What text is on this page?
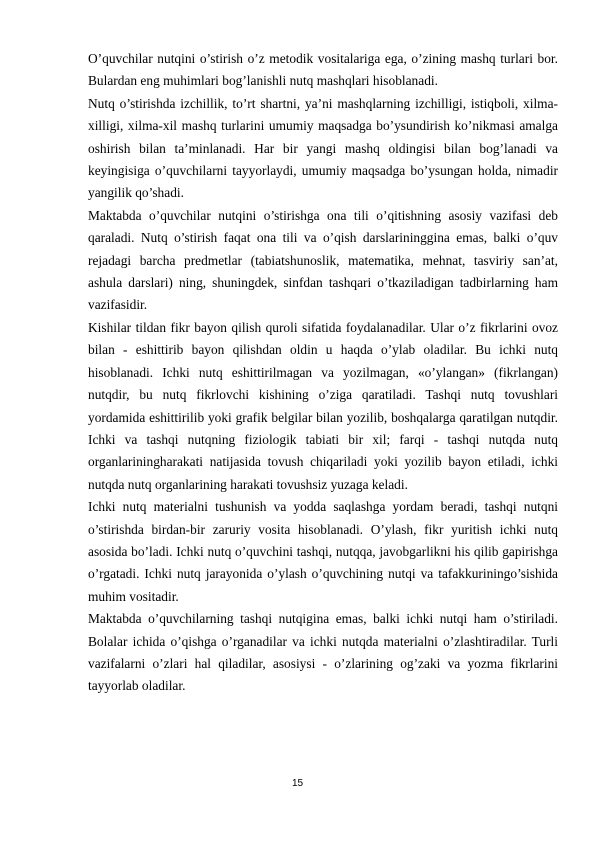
O’quvchilar nutqini o’stirish o’z metodik vositalariga ega, o’zining mashq turlari bor. Bulardan eng muhimlari bog’lanishli nutq mashqlari hisoblanadi.

Nutq o’stirishda izchillik, to’rt shartni, ya’ni mashqlarning izchilligi, istiqboli, xilma-xilligi, xilma-xil mashq turlarini umumiy maqsadga bo’ysundirish ko’nikmasi amalga oshirish bilan ta’minlanadi. Har bir yangi mashq oldingisi bilan bog’lanadi va keyingisiga o’quvchilarni tayyorlaydi, umumiy maqsadga bo’ysungan holda, nimadir yangilik qo’shadi.

Maktabda o’quvchilar nutqini o’stirishga ona tili o’qitishning asosiy vazifasi deb qaraladi. Nutq o’stirish faqat ona tili va o’qish darslarininggina emas, balki o’quv rejadagi barcha predmetlar (tabiatshunoslik, matematika, mehnat, tasviriy san’at, ashula darslari) ning, shuningdek, sinfdan tashqari o’tkaziladigan tadbirlarning ham vazifasidir.

Kishilar tildan fikr bayon qilish quroli sifatida foydalanadilar. Ular o’z fikrlarini ovoz bilan - eshittirib bayon qilishdan oldin u haqda o’ylab oladilar. Bu ichki nutq hisoblanadi. Ichki nutq eshittirilmagan va yozilmagan, «o’ylangan» (fikrlangan) nutqdir, bu nutq fikrlovchi kishining o’ziga qaratiladi. Tashqi nutq tovushlari yordamida eshittirilib yoki grafik belgilar bilan yozilib, boshqalarga qaratilgan nutqdir. Ichki va tashqi nutqning fiziologik tabiati bir xil; farqi - tashqi nutqda nutq organlariningharakati natijasida tovush chiqariladi yoki yozilib bayon etiladi, ichki nutqda nutq organlarining harakati tovushsiz yuzaga keladi.

Ichki nutq materialni tushunish va yodda saqlashga yordam beradi, tashqi nutqni o’stirishda birdan-bir zaruriy vosita hisoblanadi. O’ylash, fikr yuritish ichki nutq asosida bo’ladi. Ichki nutq o’quvchini tashqi, nutqqa, javobgarlikni his qilib gapirishga o’rgatadi. Ichki nutq jarayonida o’ylash o’quvchining nutqi va tafakkuriningo’sishida muhim vositadir.

Maktabda o’quvchilarning tashqi nutqigina emas, balki ichki nutqi ham o’stiriladi. Bolalar ichida o’qishga o’rganadilar va ichki nutqda materialni o’zlashtiradilar. Turli vazifalarni o’zlari hal qiladilar, asosiysi - o’zlarining og’zaki va yozma fikrlarini tayyorlab oladilar.

15
